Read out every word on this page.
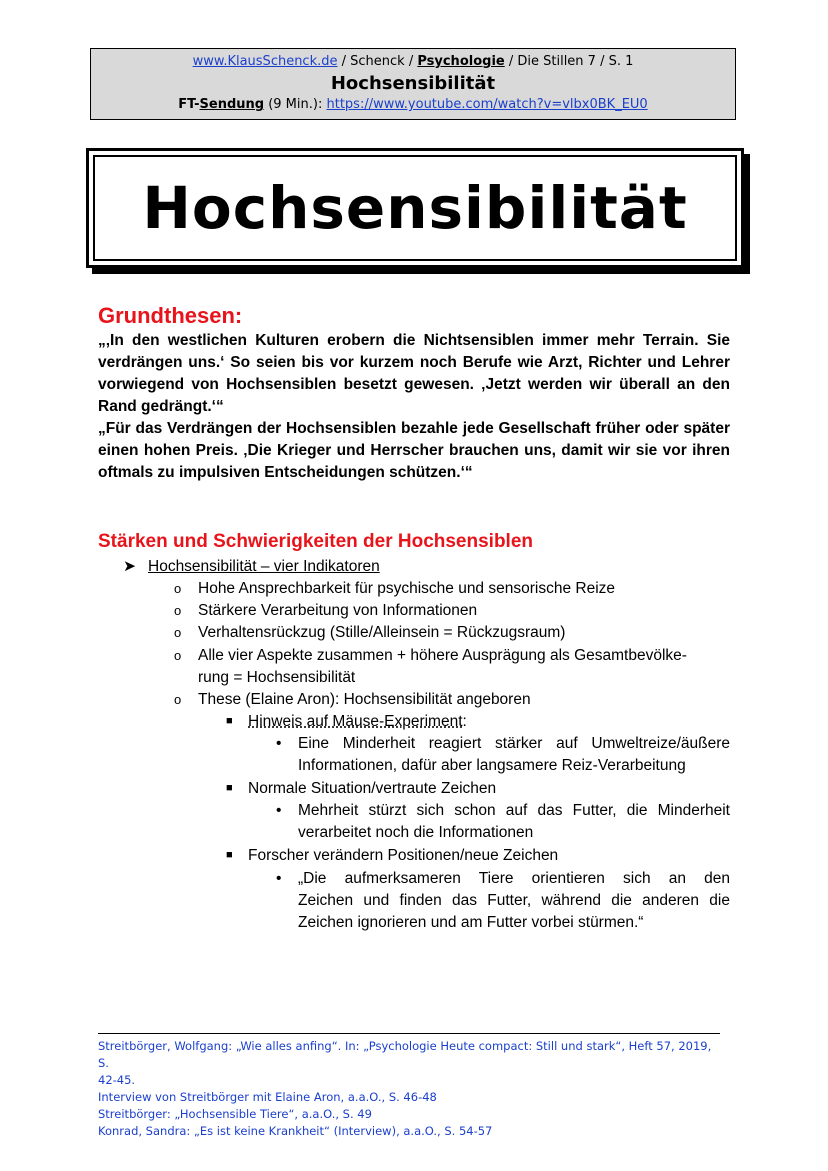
www.KlausSchenck.de / Schenck / Psychologie / Die Stillen 7 / S. 1
Hochsensibilität
FT-Sendung (9 Min.): https://www.youtube.com/watch?v=vlbx0BK_EU0
Hochsensibilität
Grundthesen:
„‚In den westlichen Kulturen erobern die Nichtsensiblen immer mehr Terrain. Sie verdrängen uns.‘ So seien bis vor kurzem noch Berufe wie Arzt, Richter und Lehrer vorwiegend von Hochsensiblen besetzt gewesen. ‚Jetzt werden wir überall an den Rand gedrängt.‘“
„Für das Verdrängen der Hochsensiblen bezahle jede Gesellschaft früher oder später einen hohen Preis. ‚Die Krieger und Herrscher brauchen uns, damit wir sie vor ihren oftmals zu impulsiven Entscheidungen schützen.‘“
Stärken und Schwierigkeiten der Hochsensiblen
➤ Hochsensibilität – vier Indikatoren
o Hohe Ansprechbarkeit für psychische und sensorische Reize
o Stärkere Verarbeitung von Informationen
o Verhaltensrückzug (Stille/Alleinsein = Rückzugsraum)
o Alle vier Aspekte zusammen + höhere Ausprägung als Gesamtbevölke-
rung = Hochsensibilität
o These (Elaine Aron): Hochsensibilität angeboren
■ Hinweis auf Mäuse-Experiment:
• Eine Minderheit reagiert stärker auf Umweltreize/äußere
Informationen, dafür aber langsamere Reiz-Verarbeitung
■ Normale Situation/vertraute Zeichen
• Mehrheit stürzt sich schon auf das Futter, die Minderheit
verarbeitet noch die Informationen
■ Forscher verändern Positionen/neue Zeichen
• „Die aufmerksameren Tiere orientieren sich an den
Zeichen und finden das Futter, während die anderen die
Zeichen ignorieren und am Futter vorbei stürmen.“
Streitbörger, Wolfgang: „Wie alles anfing“. In: „Psychologie Heute compact: Still und stark“, Heft 57, 2019, S.
42-45.
Interview von Streitbörger mit Elaine Aron, a.a.O., S. 46-48
Streitbörger: „Hochsensible Tiere“, a.a.O., S. 49
Konrad, Sandra: „Es ist keine Krankheit“ (Interview), a.a.O., S. 54-57
